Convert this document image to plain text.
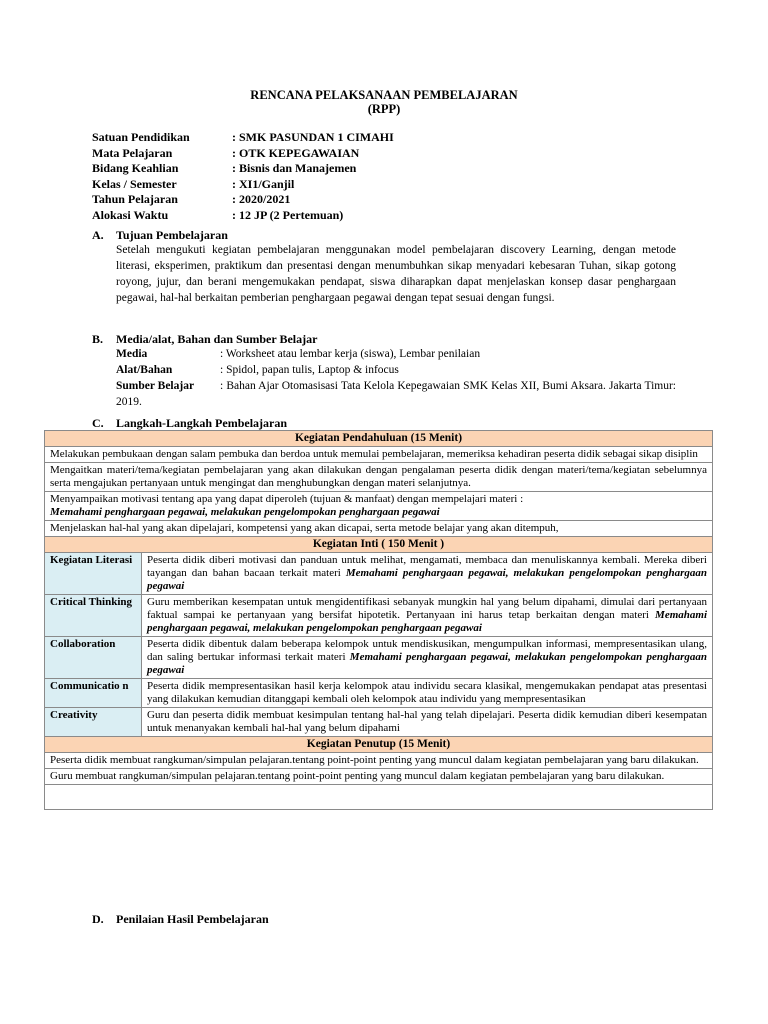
RENCANA PELAKSANAAN PEMBELAJARAN
(RPP)
Satuan Pendidikan	: SMK PASUNDAN 1 CIMAHI
Mata Pelajaran	: OTK KEPEGAWAIAN
Bidang Keahlian	: Bisnis dan Manajemen
Kelas / Semester	: XI1/Ganjil
Tahun Pelajaran	: 2020/2021
Alokasi Waktu	: 12 JP (2 Pertemuan)
A. Tujuan Pembelajaran
Setelah mengukuti kegiatan pembelajaran menggunakan model pembelajaran discovery Learning, dengan metode literasi, eksperimen, praktikum dan presentasi dengan menumbuhkan sikap menyadari kebesaran Tuhan, sikap gotong royong, jujur, dan berani mengemukakan pendapat, siswa diharapkan dapat menjelaskan konsep dasar penghargaan pegawai, hal-hal berkaitan pemberian penghargaan pegawai dengan tepat sesuai dengan fungsi.
B. Media/alat, Bahan dan Sumber Belajar
Media	: Worksheet atau lembar kerja (siswa), Lembar penilaian
Alat/Bahan	: Spidol, papan tulis, Laptop & infocus
Sumber Belajar : Bahan Ajar Otomasisasi Tata Kelola Kepegawaian SMK Kelas XII, Bumi Aksara. Jakarta Timur: 2019.
C. Langkah-Langkah Pembelajaran
Kegiatan Pendahuluan (15 Menit)	
Melakukan pembukaan dengan salam pembuka dan berdoa untuk memulai pembelajaran, memeriksa kehadiran peserta didik sebagai sikap disiplin	
Mengaitkan materi/tema/kegiatan pembelajaran yang akan dilakukan dengan pengalaman peserta didik dengan materi/tema/kegiatan sebelumnya serta mengajukan pertanyaan untuk mengingat dan menghubungkan dengan materi selanjutnya.	
Menyampaikan motivasi tentang apa yang dapat diperoleh (tujuan & manfaat) dengan mempelajari materi :
Memahami penghargaan pegawai, melakukan pengelompokan penghargaan pegawai	
Menjelaskan hal-hal yang akan dipelajari, kompetensi yang akan dicapai, serta metode belajar yang akan ditempuh,	
Kegiatan Inti ( 150 Menit )	
Kegiatan Literasi	Peserta didik diberi motivasi dan panduan untuk melihat, mengamati, membaca dan menuliskannya kembali. Mereka diberi tayangan dan bahan bacaan terkait materi Memahami penghargaan pegawai, melakukan pengelompokan penghargaan pegawai
Critical Thinking	Guru memberikan kesempatan untuk mengidentifikasi sebanyak mungkin hal yang belum dipahami, dimulai dari pertanyaan faktual sampai ke pertanyaan yang bersifat hipotetik. Pertanyaan ini harus tetap berkaitan dengan materi Memahami penghargaan pegawai, melakukan pengelompokan penghargaan pegawai
Collaboration	Peserta didik dibentuk dalam beberapa kelompok untuk mendiskusikan, mengumpulkan informasi, mempresentasikan ulang, dan saling bertukar informasi terkait materi Memahami penghargaan pegawai, melakukan pengelompokan penghargaan pegawai
Communicatio n	Peserta didik mempresentasikan hasil kerja kelompok atau individu secara klasikal, mengemukakan pendapat atas presentasi yang dilakukan kemudian ditanggapi kembali oleh kelompok atau individu yang mempresentasikan
Creativity	Guru dan peserta didik membuat kesimpulan tentang hal-hal yang telah dipelajari. Peserta didik kemudian diberi kesempatan untuk menanyakan kembali hal-hal yang belum dipahami
Kegiatan Penutup (15 Menit)	
Peserta didik membuat rangkuman/simpulan pelajaran.tentang point-point penting yang muncul dalam kegiatan pembelajaran yang baru dilakukan.	
Guru membuat rangkuman/simpulan pelajaran.tentang point-point penting yang muncul dalam kegiatan pembelajaran yang baru dilakukan.	

D. Penilaian Hasil Pembelajaran
